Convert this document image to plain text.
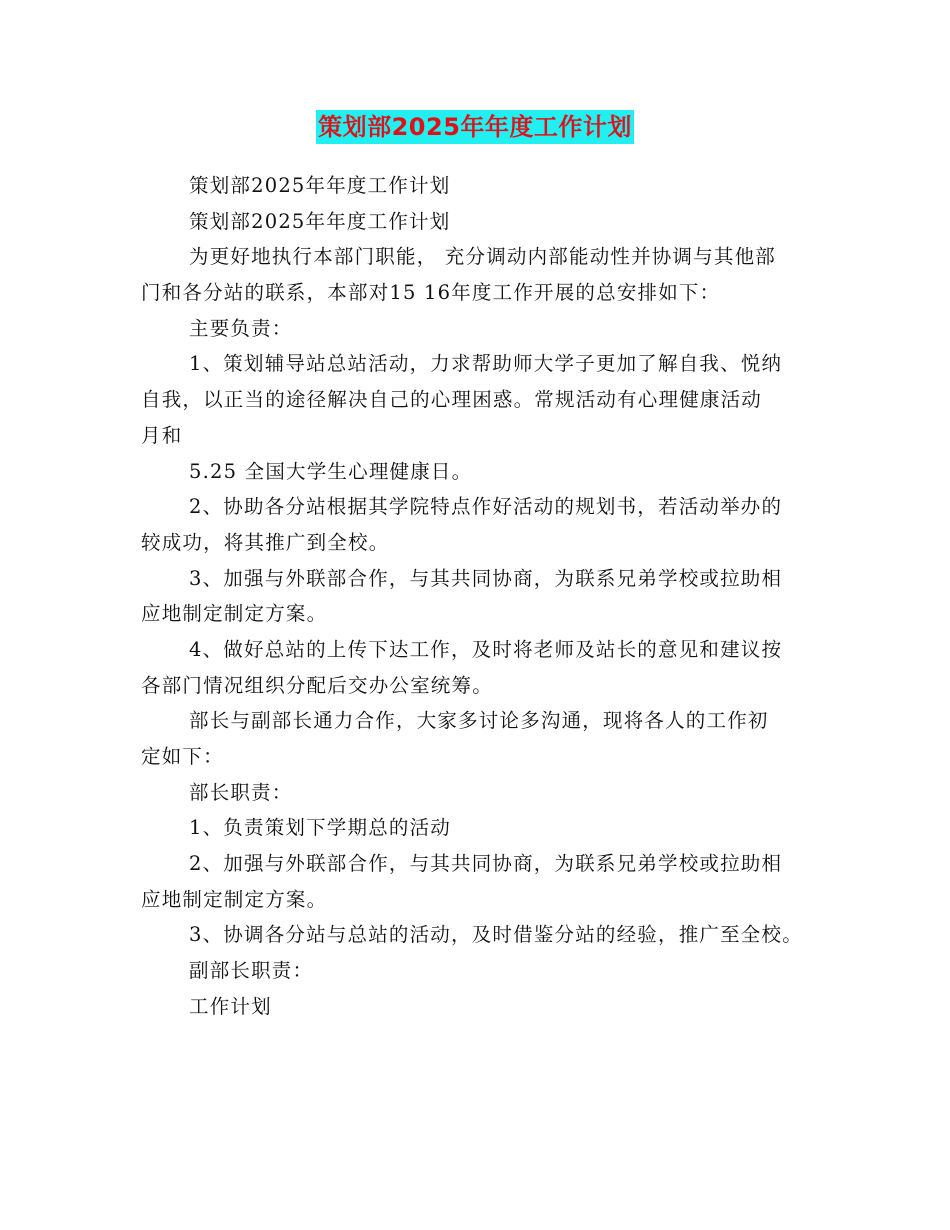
策划部2025年年度工作计划
策划部2025年年度工作计划
策划部2025年年度工作计划
为更好地执行本部门职能， 充分调动内部能动性并协调与其他部
门和各分站的联系，本部对15 16年度工作开展的总安排如下：
主要负责：
1、策划辅导站总站活动，力求帮助师大学子更加了解自我、悦纳
自我，以正当的途径解决自己的心理困惑。常规活动有心理健康活动
月和
5.25 全国大学生心理健康日。
2、协助各分站根据其学院特点作好活动的规划书，若活动举办的
较成功，将其推广到全校。
3、加强与外联部合作，与其共同协商，为联系兄弟学校或拉助相
应地制定制定方案。
4、做好总站的上传下达工作，及时将老师及站长的意见和建议按
各部门情况组织分配后交办公室统筹。
部长与副部长通力合作，大家多讨论多沟通，现将各人的工作初
定如下：
部长职责：
1、负责策划下学期总的活动
2、加强与外联部合作，与其共同协商，为联系兄弟学校或拉助相
应地制定制定方案。
3、协调各分站与总站的活动，及时借鉴分站的经验，推广至全校。
副部长职责：
工作计划
